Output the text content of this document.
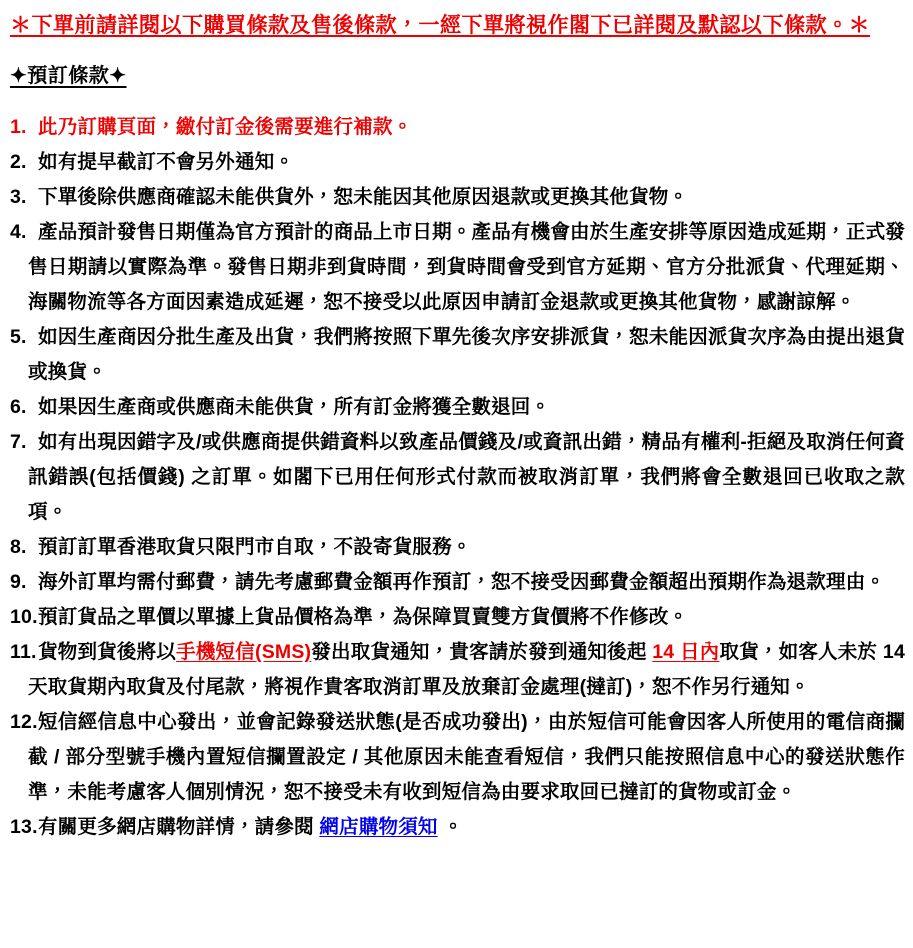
＊下單前請詳閱以下購買條款及售後條款，一經下單將視作閣下已詳閱及默認以下條款。＊
✦預訂條款✦
1. 此乃訂購頁面，繳付訂金後需要進行補款。
2. 如有提早截訂不會另外通知。
3. 下單後除供應商確認未能供貨外，恕未能因其他原因退款或更換其他貨物。
4. 產品預計發售日期僅為官方預計的商品上市日期。產品有機會由於生產安排等原因造成延期，正式發售日期請以實際為準。發售日期非到貨時間，到貨時間會受到官方延期、官方分批派貨、代理延期、海關物流等各方面因素造成延遲，恕不接受以此原因申請訂金退款或更換其他貨物，感謝諒解。
5. 如因生產商因分批生產及出貨，我們將按照下單先後次序安排派貨，恕未能因派貨次序為由提出退貨或換貨。
6. 如果因生產商或供應商未能供貨，所有訂金將獲全數退回。
7. 如有出現因錯字及/或供應商提供錯資料以致產品價錢及/或資訊出錯，精品有權利-拒絕及取消任何資訊錯誤(包括價錢) 之訂單。如閣下已用任何形式付款而被取消訂單，我們將會全數退回已收取之款項。
8. 預訂訂單香港取貨只限門市自取，不設寄貨服務。
9. 海外訂單均需付郵費，請先考慮郵費金額再作預訂，恕不接受因郵費金額超出預期作為退款理由。
10. 預訂貨品之單價以單據上貨品價格為準，為保障買賣雙方貨價將不作修改。
11. 貨物到貨後將以手機短信(SMS)發出取貨通知，貴客請於發到通知後起 14 日內取貨，如客人未於 14 天取貨期內取貨及付尾款，將視作貴客取消訂單及放棄訂金處理(撻訂)，恕不作另行通知。
12. 短信經信息中心發出，並會記錄發送狀態(是否成功發出)，由於短信可能會因客人所使用的電信商攔截 / 部分型號手機內置短信攔置設定 / 其他原因未能查看短信，我們只能按照信息中心的發送狀態作準，未能考慮客人個別情況，恕不接受未有收到短信為由要求取回已撻訂的貨物或訂金。
13. 有關更多網店購物詳情，請參閱 網店購物須知 。
